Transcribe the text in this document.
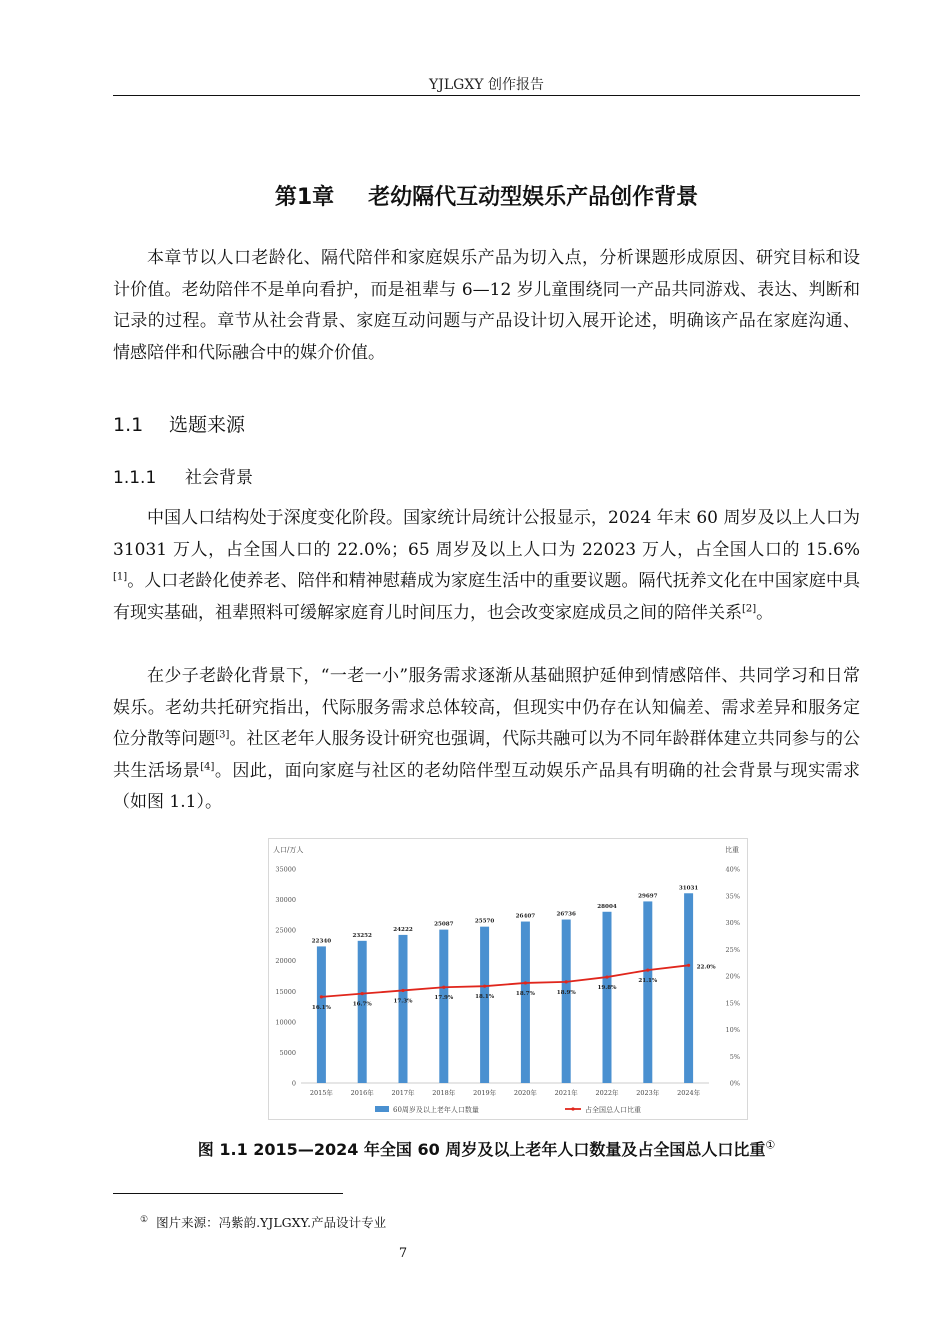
YJLGXY 创作报告
第1章 老幼隔代互动型娱乐产品创作背景

本章节以人口老龄化、隔代陪伴和家庭娱乐产品为切入点，分析课题形成原因、研究目标和设计价值。老幼陪伴不是单向看护，而是祖辈与 6—12 岁儿童围绕同一产品共同游戏、表达、判断和记录的过程。章节从社会背景、家庭互动问题与产品设计切入展开论述，明确该产品在家庭沟通、情感陪伴和代际融合中的媒介价值。

1.1 选题来源
1.1.1 社会背景

中国人口结构处于深度变化阶段。国家统计局统计公报显示，2024 年末 60 周岁及以上人口为 31031 万人，占全国人口的 22.0%；65 周岁及以上人口为 22023 万人，占全国人口的 15.6%[1]。人口老龄化使养老、陪伴和精神慰藉成为家庭生活中的重要议题。隔代抚养文化在中国家庭中具有现实基础，祖辈照料可缓解家庭育儿时间压力，也会改变家庭成员之间的陪伴关系[2]。

在少子老龄化背景下，“一老一小”服务需求逐渐从基础照护延伸到情感陪伴、共同学习和日常娱乐。老幼共托研究指出，代际服务需求总体较高，但现实中仍存在认知偏差、需求差异和服务定位分散等问题[3]。社区老年人服务设计研究也强调，代际共融可以为不同年龄群体建立共同参与的公共生活场景[4]。因此，面向家庭与社区的老幼陪伴型互动娱乐产品具有明确的社会背景与现实需求（如图 1.1）。

人口/万人	比重
0
5000
10000
15000
20000
25000
30000
35000
0%
5%
10%
15%
20%
25%
30%
35%
40%
22340
2015年
23252
2016年
24222
2017年
25087
2018年
25570
2019年
26407
2020年
26736
2021年
28004
2022年
29697
2023年
31031
2024年
16.1%
16.7%
17.3%
17.9%	18.1%
18.7%	18.9%
19.8%
21.1%
22.0%
60周岁及以上老年人口数量	占全国总人口比重
图 1.1 2015—2024 年全国 60 周岁及以上老年人口数量及占全国总人口比重①
① 图片来源：冯紫韵.YJLGXY.产品设计专业
7
